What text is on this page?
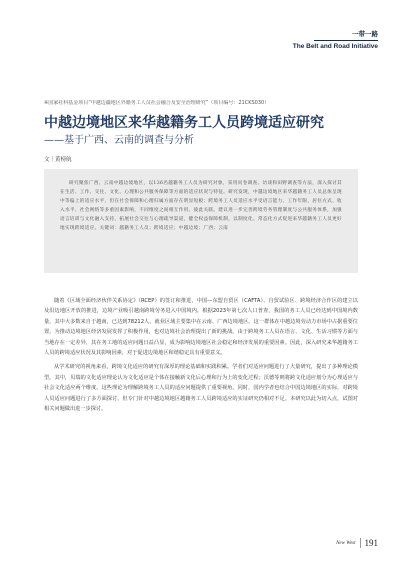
一带一路
The Belt and Road Initiative
※国家社科基金项目“中越边疆地区外籍务工人员社会融合及安全治理研究”（项目编号：21CKS030）
中越边境地区来华越籍务工人员跨境适应研究
——基于广西、云南的调查与分析
文｜黄榜航

研究聚焦广西、云南中越边境地区，以136名越籍务工人员为研究对象，采用问卷调查、访谈和田野调查等方法，深入探讨其在生活、工作、交往、文化、心理和公共服务保障等方面的适应状况与特征。研究发现，中越边境地区来华越籍务工人员总体呈现中等偏上的适应水平，但在社会保障和心理归属方面存在明显短板；跨境务工人员适应水平受语言能力、工作年限、居住方式、收入水平、社会网络等多重因素影响，不同维度之间相互作用、彼此关联。建议进一步完善跨境劳务管理制度与公共服务体系，加强语言培训与文化融入支持，拓展社会交往与心理疏导渠道，健全权益保障机制，以制度化、常态化方式促进来华越籍务工人员更好地实现跨境适应。关键词：越籍务工人员；跨境适应；中越边境；广西；云南

随着《区域全面经济伙伴关系协定》（RCEP）的签订和推进，中国—东盟自贸区（CAFTA）、自贸试验区、跨境经济合作区的建立以及沿边地区开放的推进，边境产业吸引越南跨境劳务进入中国境内。根据2023年第七次人口普查，我国的务工人员已经达到中国境内数量，其中大多数来自于越南，已达到78212人，就业区域主要集中在云南、广西边境地区。这一群体在中越边境劳动力市场中占据重要位置，为推动边境地区经济发展发挥了积极作用，也对边境社会治理提出了新的挑战。由于跨境务工人员在语言、文化、生活习惯等方面与当地存在一定差异，其在务工地的适应问题日益凸显，成为影响边境地区社会稳定和经济发展的重要因素。因此，深入研究来华越籍务工人员的跨境适应状况及其影响因素，对于促进边境地区和谐稳定具有重要意义。

从学术研究的视角来看，跨境文化适应的研究有深厚的理论基础和实践积累。学者们对适应问题进行了大量研究，提出了多种理论模型。其中，贝瑞的文化适应理论认为文化适应是个体在接触新文化后心理和行为上的变化过程；沃德等则将跨文化适应划分为心理适应与社会文化适应两个维度。这些理论为理解跨境务工人员的适应问题提供了重要视角。同时，国内学者也结合中国边境地区的实际，对跨境人员适应问题进行了多方面探讨，但专门针对中越边境地区越籍务工人员跨境适应的实证研究仍相对不足。本研究以此为切入点，试图对相关问题做出进一步探讨。

New West 191
